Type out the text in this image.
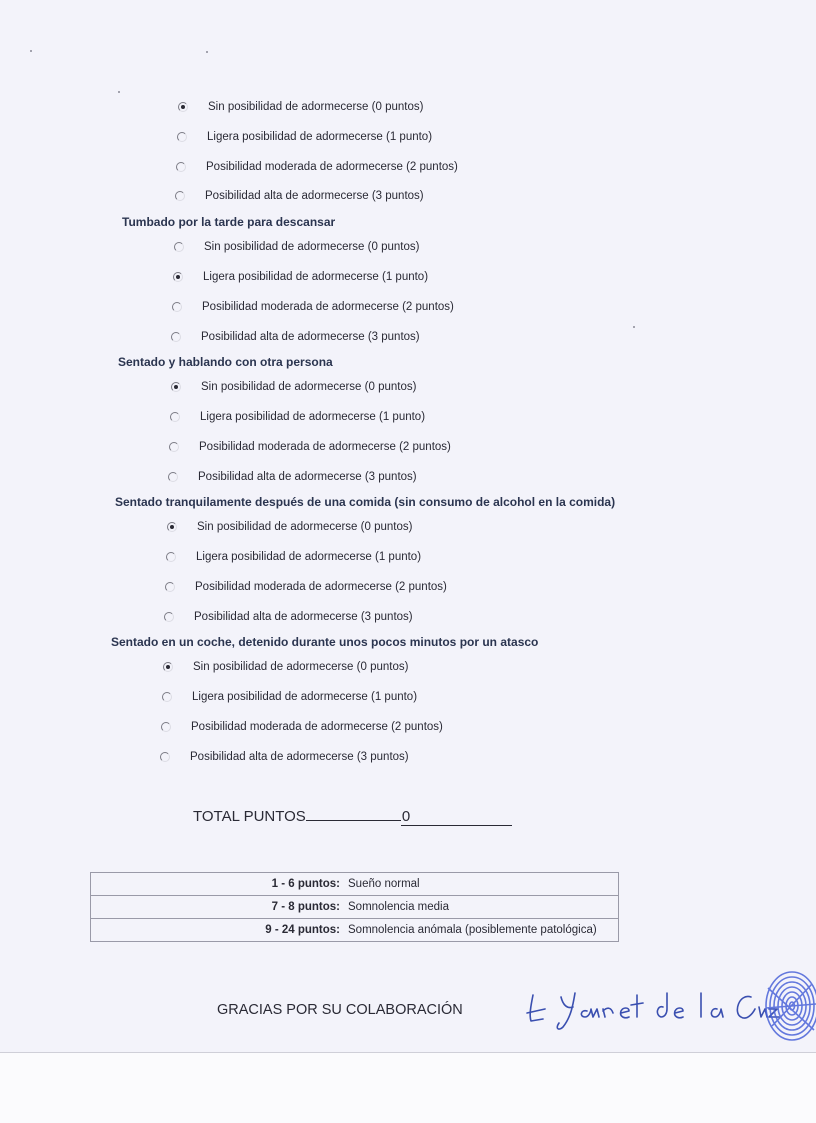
Sin posibilidad de adormecerse (0 puntos)
Ligera posibilidad de adormecerse (1 punto)
Posibilidad moderada de adormecerse (2 puntos)
Posibilidad alta de adormecerse (3 puntos)
Tumbado por la tarde para descansar
Sin posibilidad de adormecerse (0 puntos)
Ligera posibilidad de adormecerse (1 punto)
Posibilidad moderada de adormecerse (2 puntos)
Posibilidad alta de adormecerse (3 puntos)
Sentado y hablando con otra persona
Sin posibilidad de adormecerse (0 puntos)
Ligera posibilidad de adormecerse (1 punto)
Posibilidad moderada de adormecerse (2 puntos)
Posibilidad alta de adormecerse (3 puntos)
Sentado tranquilamente después de una comida (sin consumo de alcohol en la comida)
Sin posibilidad de adormecerse (0 puntos)
Ligera posibilidad de adormecerse (1 punto)
Posibilidad moderada de adormecerse (2 puntos)
Posibilidad alta de adormecerse (3 puntos)
Sentado en un coche, detenido durante unos pocos minutos por un atasco
Sin posibilidad de adormecerse (0 puntos)
Ligera posibilidad de adormecerse (1 punto)
Posibilidad moderada de adormecerse (2 puntos)
Posibilidad alta de adormecerse (3 puntos)
TOTAL PUNTOS	0
1 - 6 puntos:	Sueño normal
7 - 8 puntos:	Somnolencia media
9 - 24 puntos:	Somnolencia anómala (posiblemente patológica)
GRACIAS POR SU COLABORACIÓN
